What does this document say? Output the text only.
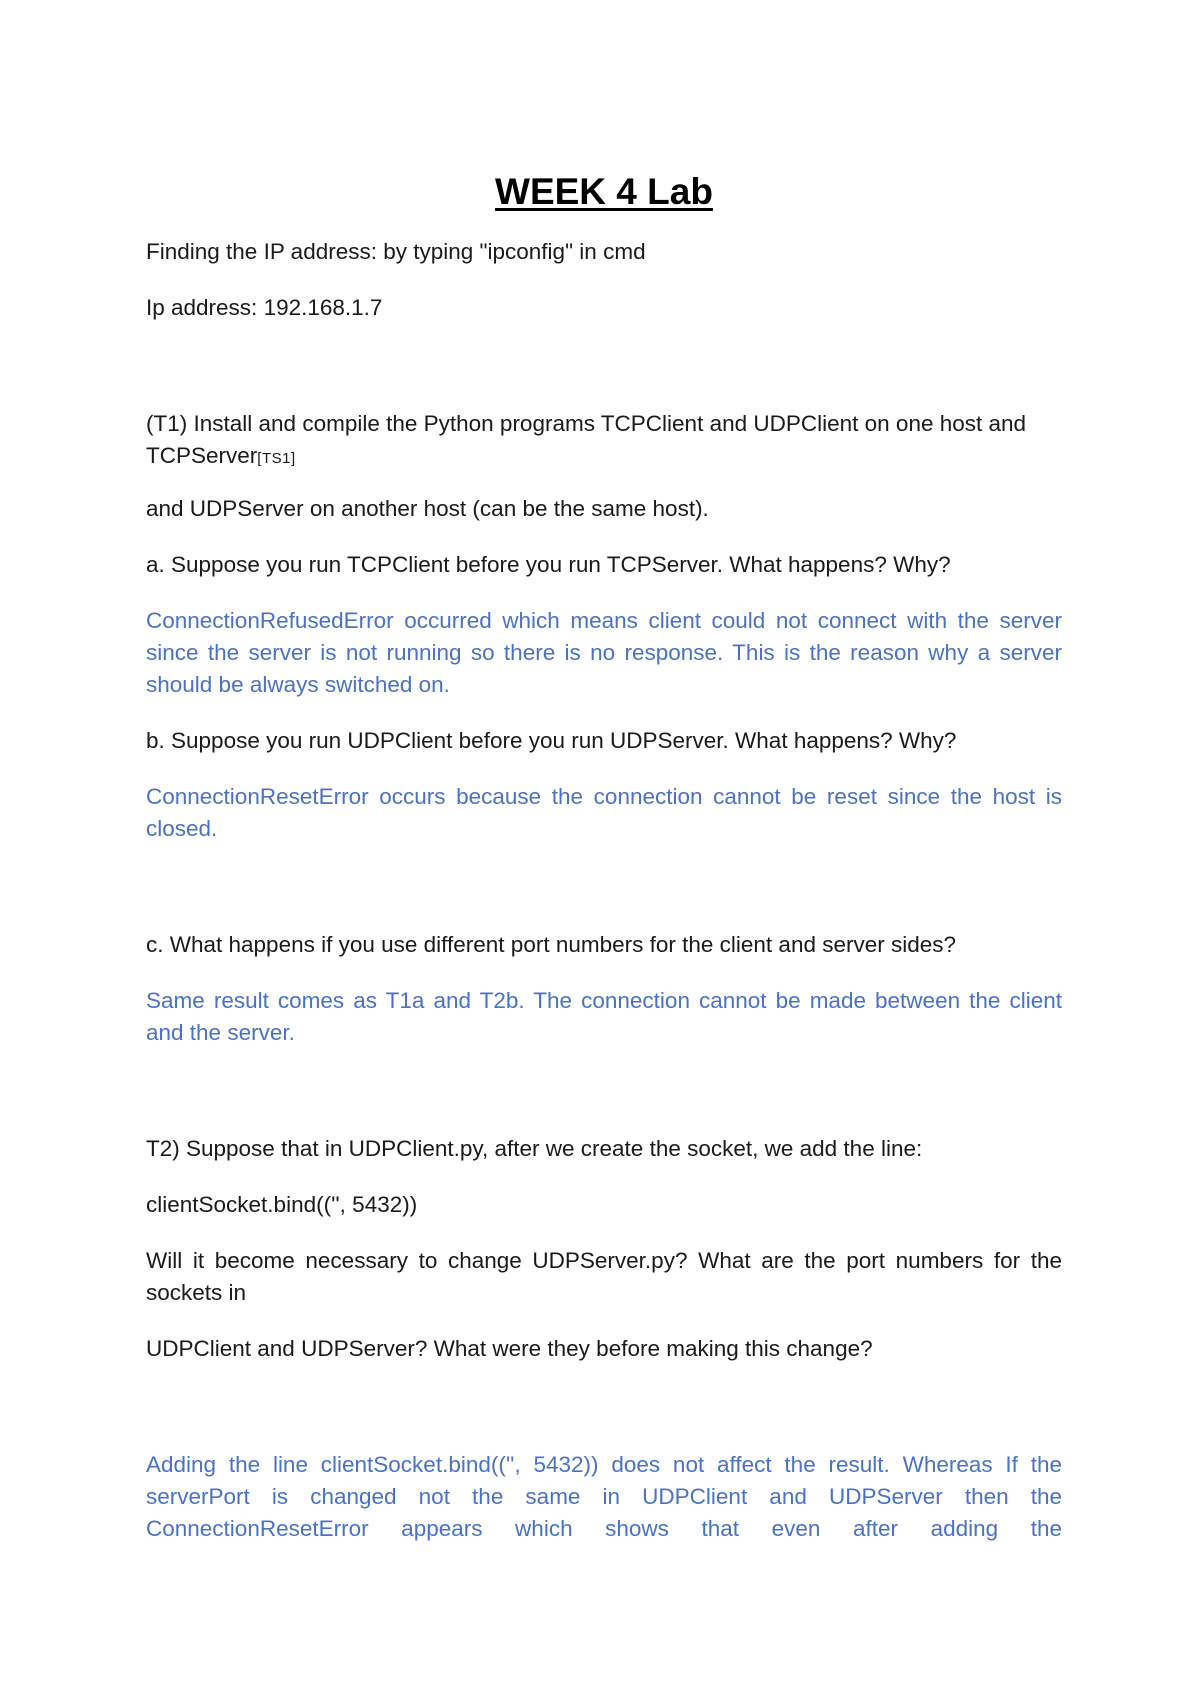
WEEK 4 Lab

Finding the IP address: by typing "ipconfig" in cmd

Ip address: 192.168.1.7

(T1) Install and compile the Python programs TCPClient and UDPClient on one host and TCPServer[TS1]

and UDPServer on another host (can be the same host).

a. Suppose you run TCPClient before you run TCPServer. What happens? Why?

ConnectionRefusedError occurred which means client could not connect with the server since the server is not running so there is no response. This is the reason why a server should be always switched on.

b. Suppose you run UDPClient before you run UDPServer. What happens? Why?

ConnectionResetError occurs because the connection cannot be reset since the host is closed.

c. What happens if you use different port numbers for the client and server sides?

Same result comes as T1a and T2b. The connection cannot be made between the client and the server.

T2) Suppose that in UDPClient.py, after we create the socket, we add the line:

clientSocket.bind(('', 5432))

Will it become necessary to change UDPServer.py? What are the port numbers for the sockets in

UDPClient and UDPServer? What were they before making this change?

Adding the line clientSocket.bind(('', 5432)) does not affect the result. Whereas If the serverPort is changed not the same in UDPClient and UDPServer then the ConnectionResetError appears which shows that even after adding the
